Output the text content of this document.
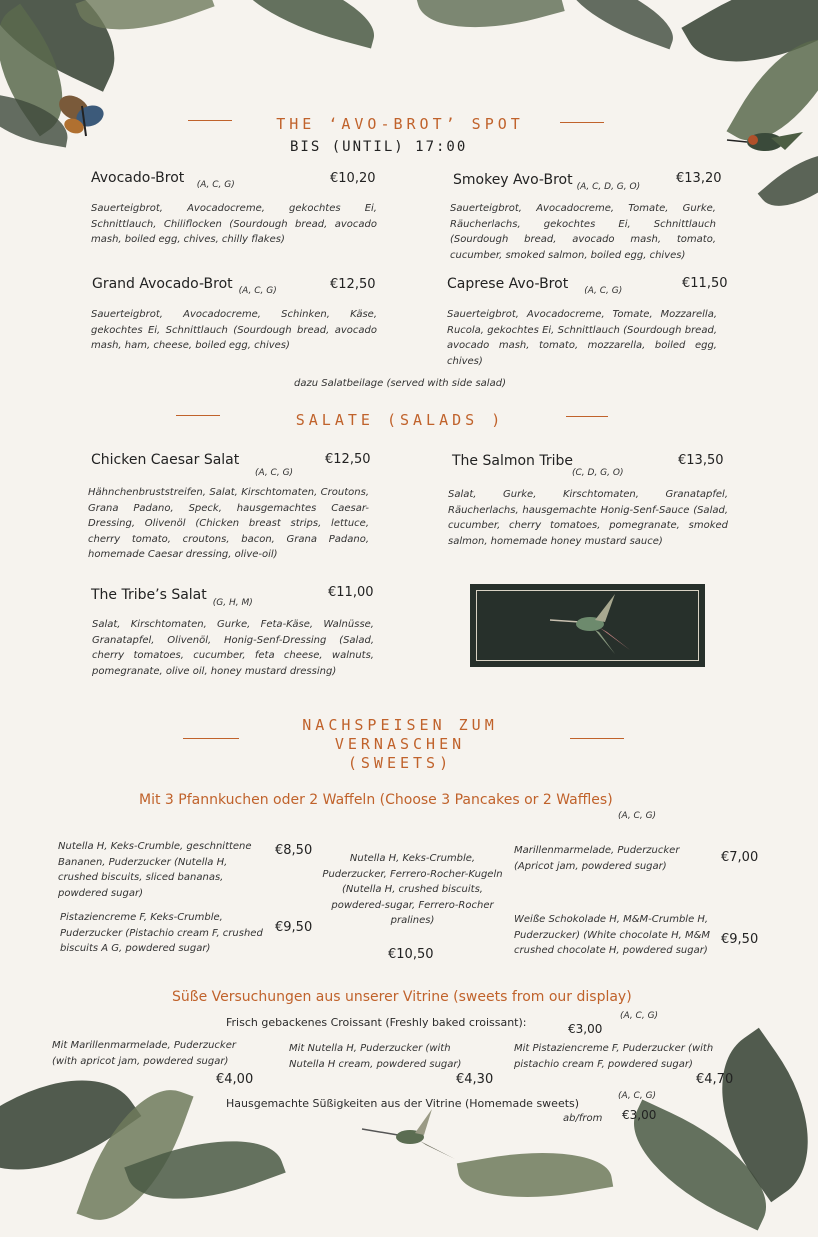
THE ‘AVO-BROT’ SPOT
BIS (UNTIL) 17:00
Avocado-Brot $_{(A, C, G)}$	€10,20
Sauerteigbrot, Avocadocreme, gekochtes Ei, Schnittlauch, Chiliflocken (Sourdough bread, avocado mash, boiled egg, chives, chilly flakes)
Smokey Avo-Brot $_{(A, C, D, G, O)}$
€13,20
Sauerteigbrot, Avocadocreme, Tomate, Gurke, Räucherlachs, gekochtes Ei, Schnittlauch (Sourdough bread, avocado mash, tomato, cucumber, smoked salmon, boiled egg, chives)
Grand Avocado-Brot $_{(A, C, G)}$	€12,50
Sauerteigbrot, Avocadocreme, Schinken, Käse, gekochtes Ei, Schnittlauch (Sourdough bread, avocado mash, ham, cheese, boiled egg, chives)
Caprese Avo-Brot $_{(A, C, G)}$	€11,50
Sauerteigbrot, Avocadocreme, Tomate, Mozzarella, Rucola, gekochtes Ei, Schnittlauch (Sourdough bread, avocado mash, tomato, mozzarella, boiled egg, chives)
dazu Salatbeilage (served with side salad)
SALATE (SALADS )
Chicken Caesar Salat
(A, C, G)
€12,50
Hähnchenbruststreifen, Salat, Kirschtomaten, Croutons, Grana Padano, Speck, hausgemachtes Caesar-Dressing, Olivenöl (Chicken breast strips, lettuce, cherry tomato, croutons, bacon, Grana Padano, homemade Caesar dressing, olive-oil)
The Salmon Tribe
(C, D, G, O)
€13,50
Salat, Gurke, Kirschtomaten, Granatapfel, Räucherlachs, hausgemachte Honig-Senf-Sauce (Salad, cucumber, cherry tomatoes, pomegranate, smoked salmon, homemade honey mustard sauce)
The Tribe’s Salat $_{(G, H, M)}$
€11,00
Salat, Kirschtomaten, Gurke, Feta-Käse, Walnüsse, Granatapfel, Olivenöl, Honig-Senf-Dressing (Salad, cherry tomatoes, cucumber, feta cheese, walnuts, pomegranate, olive oil, honey mustard dressing)
NACHSPEISEN ZUM
VERNASCHEN
(SWEETS)
Mit 3 Pfannkuchen oder 2 Waffeln (Choose 3 Pancakes or 2 Waffles)
(A, C, G)
Nutella H, Keks-Crumble, geschnittene Bananen, Puderzucker (Nutella H, crushed biscuits, sliced bananas, powdered sugar)
€8,50
Pistaziencreme F, Keks-Crumble, Puderzucker (Pistachio cream F, crushed biscuits A G, powdered sugar)
€9,50
Nutella H, Keks-Crumble, Puderzucker, Ferrero-Rocher-Kugeln (Nutella H, crushed biscuits, powdered-sugar, Ferrero-Rocher pralines)
€10,50
Marillenmarmelade, Puderzucker (Apricot jam, powdered sugar)
€7,00
Weiße Schokolade H, M&M-Crumble H, Puderzucker) (White chocolate H, M&M crushed chocolate H, powdered sugar)
€9,50
Süße Versuchungen aus unserer Vitrine (sweets from our display)
(A, C, G)
Frisch gebackenes Croissant (Freshly baked croissant):	€3,00
Mit Marillenmarmelade, Puderzucker (with apricot jam, powdered sugar)
€4,00
Mit Nutella H, Puderzucker (with Nutella H cream, powdered sugar)
€4,30
Mit Pistaziencreme F, Puderzucker (with pistachio cream F, powdered sugar)
€4,70
Hausgemachte Süßigkeiten aus der Vitrine (Homemade sweets)
(A, C, G)
ab/from €3,00
